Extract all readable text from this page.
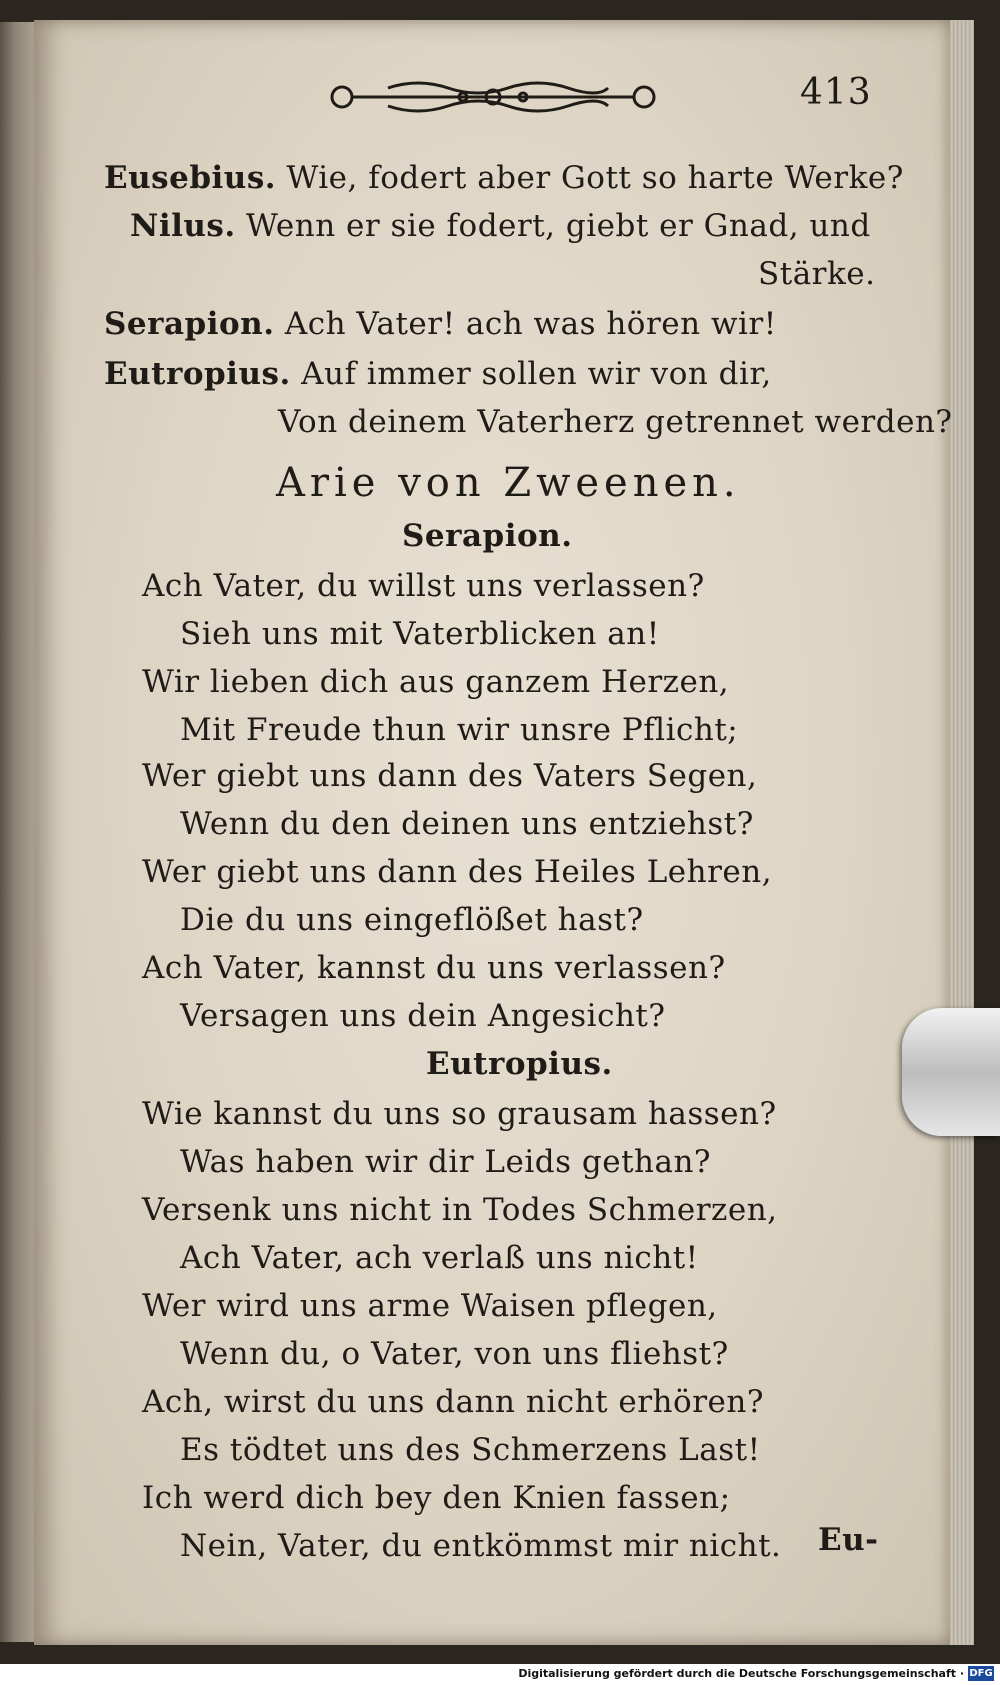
413
Eusebius. Wie, fodert aber Gott so harte Werke?
Nilus. Wenn er sie fodert, giebt er Gnad, und
Stärke.
Serapion. Ach Vater! ach was hören wir!
Eutropius. Auf immer sollen wir von dir,
Von deinem Vaterherz getrennet werden?
Arie von Zweenen.
Serapion.
Ach Vater, du willst uns verlassen?
Sieh uns mit Vaterblicken an!
Wir lieben dich aus ganzem Herzen,
Mit Freude thun wir unsre Pflicht;
Wer giebt uns dann des Vaters Segen,
Wenn du den deinen uns entziehst?
Wer giebt uns dann des Heiles Lehren,
Die du uns eingeflößet hast?
Ach Vater, kannst du uns verlassen?
Versagen uns dein Angesicht?
Eutropius.
Wie kannst du uns so grausam hassen?
Was haben wir dir Leids gethan?
Versenk uns nicht in Todes Schmerzen,
Ach Vater, ach verlaß uns nicht!
Wer wird uns arme Waisen pflegen,
Wenn du, o Vater, von uns fliehst?
Ach, wirst du uns dann nicht erhören?
Es tödtet uns des Schmerzens Last!
Ich werd dich bey den Knien fassen;
Nein, Vater, du entkömmst mir nicht. Eu-
Digitalisierung gefördert durch die Deutsche Forschungsgemeinschaft · DFG
